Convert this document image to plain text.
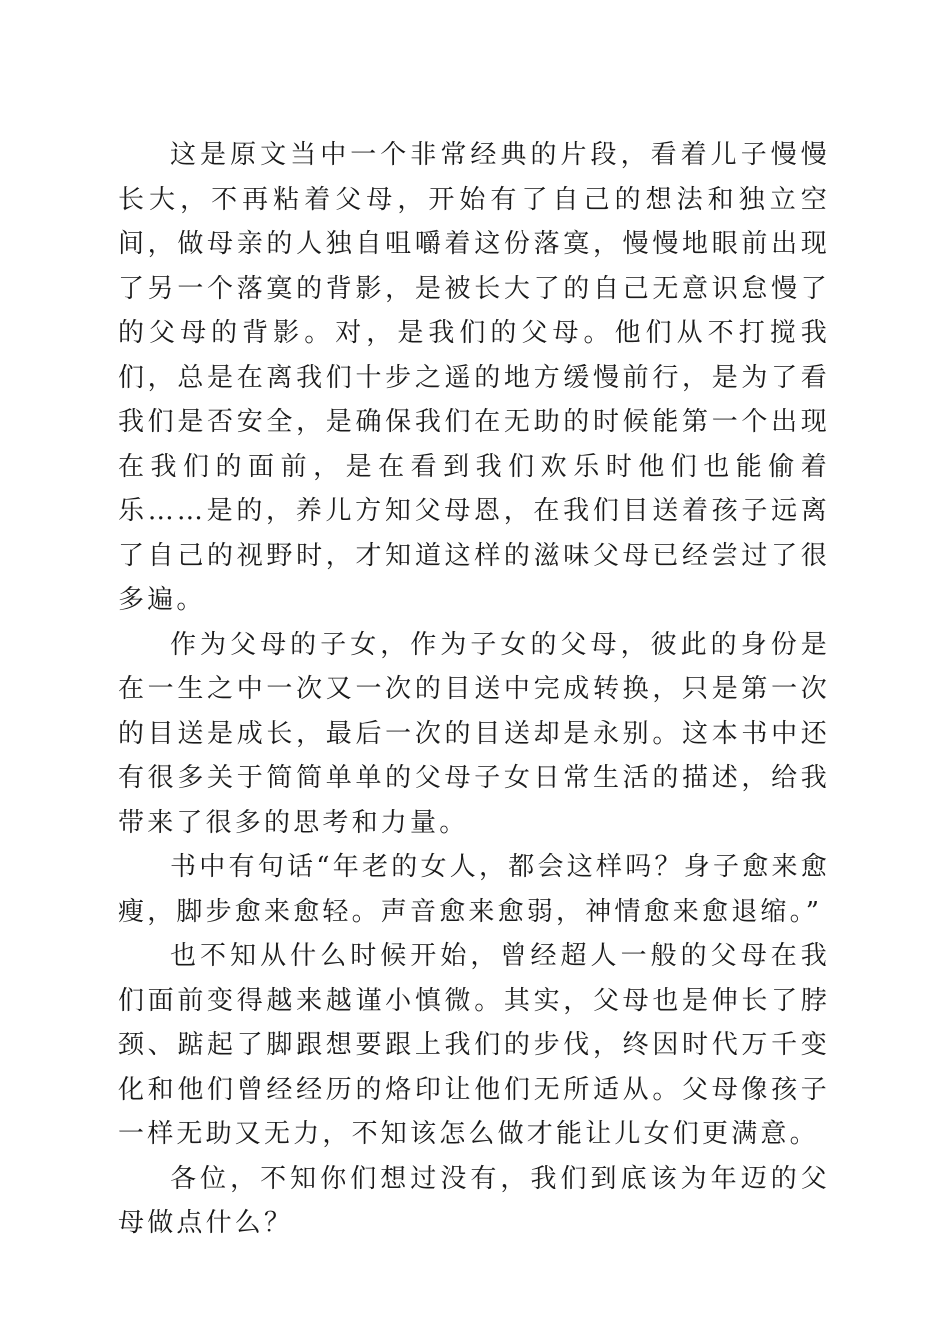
这是原文当中一个非常经典的片段，看着儿子慢慢长大，不再粘着父母，开始有了自己的想法和独立空间，做母亲的人独自咀嚼着这份落寞，慢慢地眼前出现了另一个落寞的背影，是被长大了的自己无意识怠慢了的父母的背影。对，是我们的父母。他们从不打搅我们，总是在离我们十步之遥的地方缓慢前行，是为了看我们是否安全，是确保我们在无助的时候能第一个出现在我们的面前，是在看到我们欢乐时他们也能偷着乐……是的，养儿方知父母恩，在我们目送着孩子远离了自己的视野时，才知道这样的滋味父母已经尝过了很多遍。

作为父母的子女，作为子女的父母，彼此的身份是在一生之中一次又一次的目送中完成转换，只是第一次的目送是成长，最后一次的目送却是永别。这本书中还有很多关于简简单单的父母子女日常生活的描述，给我带来了很多的思考和力量。

书中有句话“年老的女人，都会这样吗？身子愈来愈瘦，脚步愈来愈轻。声音愈来愈弱，神情愈来愈退缩。”

也不知从什么时候开始，曾经超人一般的父母在我们面前变得越来越谨小慎微。其实，父母也是伸长了脖颈、踮起了脚跟想要跟上我们的步伐，终因时代万千变化和他们曾经经历的烙印让他们无所适从。父母像孩子一样无助又无力，不知该怎么做才能让儿女们更满意。

各位，不知你们想过没有，我们到底该为年迈的父母做点什么？
